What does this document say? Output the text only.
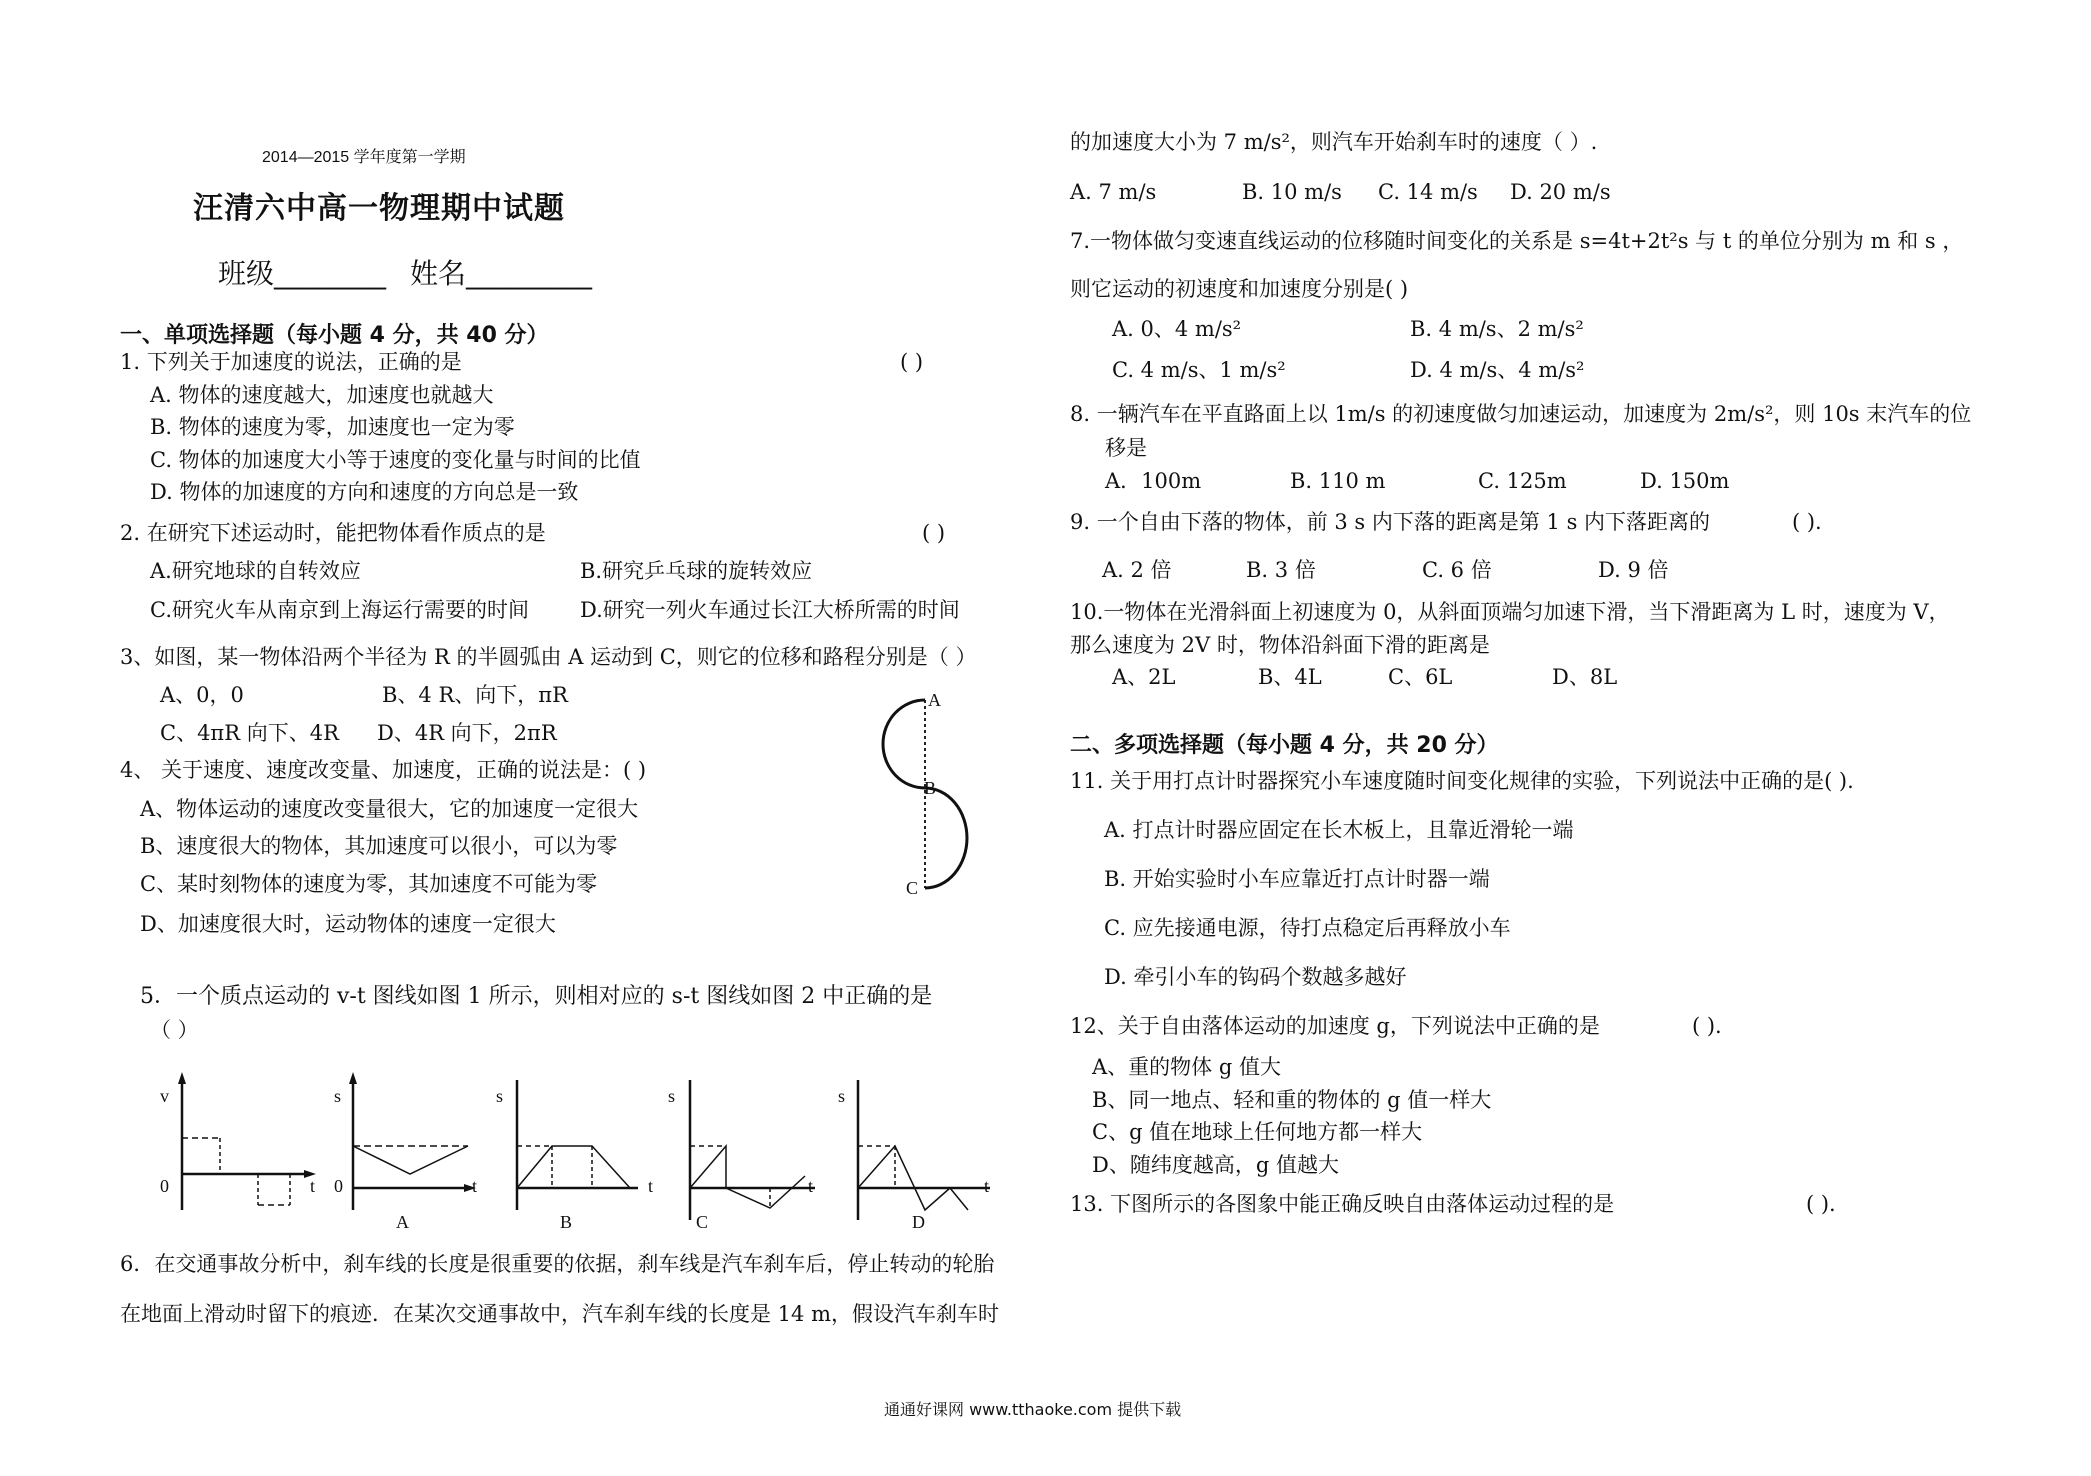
2014—2015 学年度第一学期
汪清六中高一物理期中试题
班级________ 姓名_________
一、单项选择题（每小题 4 分，共 40 分）
1. 下列关于加速度的说法，正确的是	( )
A. 物体的速度越大，加速度也就越大
B. 物体的速度为零，加速度也一定为零
C. 物体的加速度大小等于速度的变化量与时间的比值
D. 物体的加速度的方向和速度的方向总是一致
2. 在研究下述运动时，能把物体看作质点的是	( )
A.研究地球的自转效应	B.研究乒乓球的旋转效应
C.研究火车从南京到上海运行需要的时间 D.研究一列火车通过长江大桥所需的时间
3、如图，某一物体沿两个半径为 R 的半圆弧由 A 运动到 C，则它的位移和路程分别是（ ）
A、0，0	B、4 R、向下，πR
C、4πR 向下、4R D、4R 向下，2πR
A
B
C
4、 关于速度、速度改变量、加速度，正确的说法是：( )
A、物体运动的速度改变量很大，它的加速度一定很大
B、速度很大的物体，其加速度可以很小，可以为零
C、某时刻物体的速度为零，其加速度不可能为零
D、加速度很大时，运动物体的速度一定很大
5．一个质点运动的 v-t 图线如图 1 所示，则相对应的 s-t 图线如图 2 中正确的是
（ ）
v
0	t
s
0	t
A
s
t
B
s
t
C
s
t
D
6．在交通事故分析中，刹车线的长度是很重要的依据，刹车线是汽车刹车后，停止转动的轮胎
在地面上滑动时留下的痕迹．在某次交通事故中，汽车刹车线的长度是 14 m，假设汽车刹车时
的加速度大小为 7 m/s²，则汽车开始刹车时的速度（ ）.
A. 7 m/s	B. 10 m/s C. 14 m/s D. 20 m/s
7.一物体做匀变速直线运动的位移随时间变化的关系是 s=4t+2t²s 与 t 的单位分别为 m 和 s ，
则它运动的初速度和加速度分别是( )
A. 0、4 m/s²	B. 4 m/s、2 m/s²
C. 4 m/s、1 m/s²	D. 4 m/s、4 m/s²
8. 一辆汽车在平直路面上以 1m/s 的初速度做匀加速运动，加速度为 2m/s²，则 10s 末汽车的位
移是
A．100m	B. 110 m	C. 125m	D. 150m
9. 一个自由下落的物体，前 3 s 内下落的距离是第 1 s 内下落距离的	( ).
A. 2 倍	B. 3 倍	C. 6 倍	D. 9 倍
10.一物体在光滑斜面上初速度为 0，从斜面顶端匀加速下滑，当下滑距离为 L 时，速度为 V，
那么速度为 2V 时，物体沿斜面下滑的距离是
A、2L	B、4L	C、6L	D、8L
二、多项选择题（每小题 4 分，共 20 分）
11. 关于用打点计时器探究小车速度随时间变化规律的实验，下列说法中正确的是( ).
A. 打点计时器应固定在长木板上，且靠近滑轮一端
B. 开始实验时小车应靠近打点计时器一端
C. 应先接通电源，待打点稳定后再释放小车
D. 牵引小车的钩码个数越多越好
12、关于自由落体运动的加速度 g，下列说法中正确的是	( ).
A、重的物体 g 值大
B、同一地点、轻和重的物体的 g 值一样大
C、g 值在地球上任何地方都一样大
D、随纬度越高，g 值越大
13. 下图所示的各图象中能正确反映自由落体运动过程的是	( ).
通通好课网 www.tthaoke.com 提供下载
